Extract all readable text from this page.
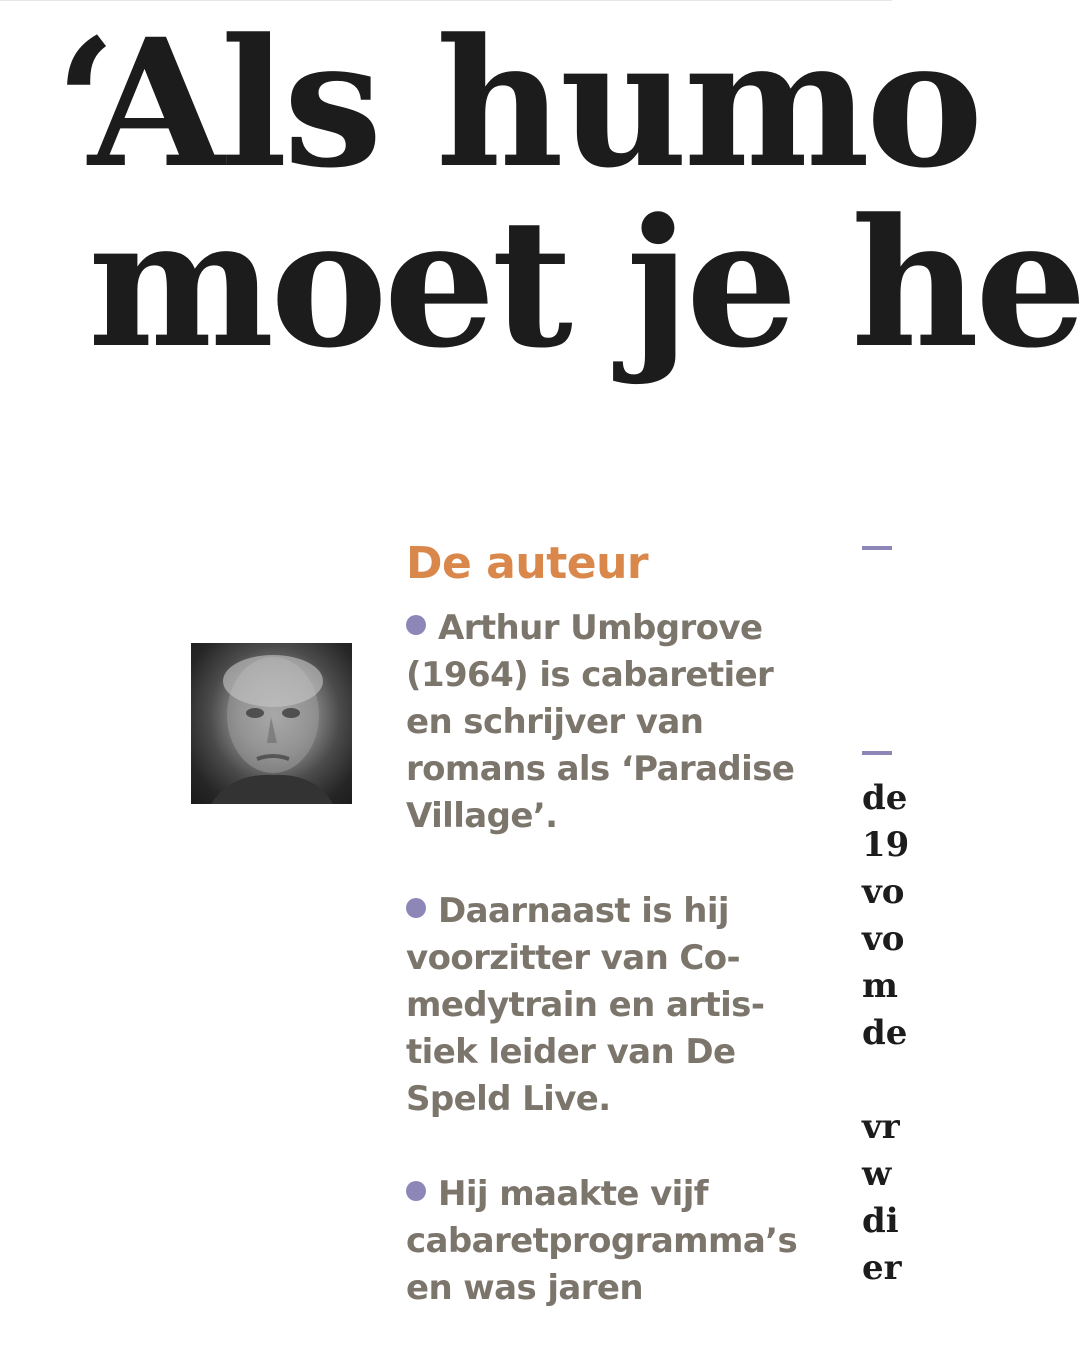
‘Als humo
moet je he
De auteur

Arthur Umbgrove (1964) is cabaretier en schrijver van romans als ‘Paradise Village’.

Daarnaast is hij voorzitter van Comedytrain en artistiek leider van De Speld Live.

Hij maakte vijf cabaretprogramma’s en was jaren

de
19
vo
vo
m
de
vr
w
di
er
